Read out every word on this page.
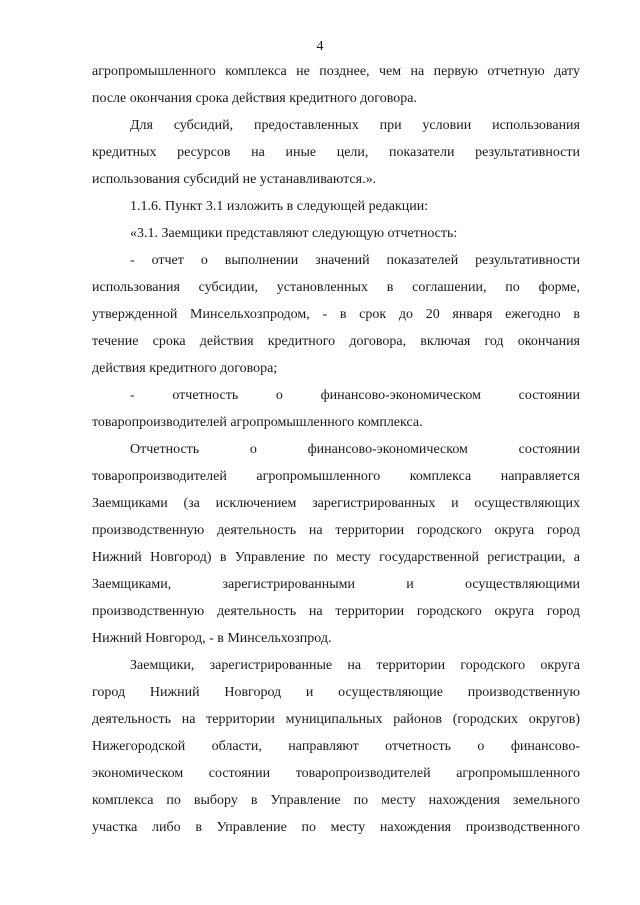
4
агропромышленного комплекса не позднее, чем на первую отчетную дату
после окончания срока действия кредитного договора.
Для субсидий, предоставленных при условии использования
кредитных ресурсов на иные цели, показатели результативности
использования субсидий не устанавливаются.».
1.1.6. Пункт 3.1 изложить в следующей редакции:
«3.1. Заемщики представляют следующую отчетность:
- отчет о выполнении значений показателей результативности
использования субсидии, установленных в соглашении, по форме,
утвержденной Минсельхозпродом, - в срок до 20 января ежегодно в
течение срока действия кредитного договора, включая год окончания
действия кредитного договора;
- отчетность о финансово-экономическом состоянии
товаропроизводителей агропромышленного комплекса.
Отчетность о финансово-экономическом состоянии
товаропроизводителей агропромышленного комплекса направляется
Заемщиками (за исключением зарегистрированных и осуществляющих
производственную деятельность на территории городского округа город
Нижний Новгород) в Управление по месту государственной регистрации, а
Заемщиками, зарегистрированными и осуществляющими
производственную деятельность на территории городского округа город
Нижний Новгород, - в Минсельхозпрод.
Заемщики, зарегистрированные на территории городского округа
город Нижний Новгород и осуществляющие производственную
деятельность на территории муниципальных районов (городских округов)
Нижегородской области, направляют отчетность о финансово-
экономическом состоянии товаропроизводителей агропромышленного
комплекса по выбору в Управление по месту нахождения земельного
участка либо в Управление по месту нахождения производственного
